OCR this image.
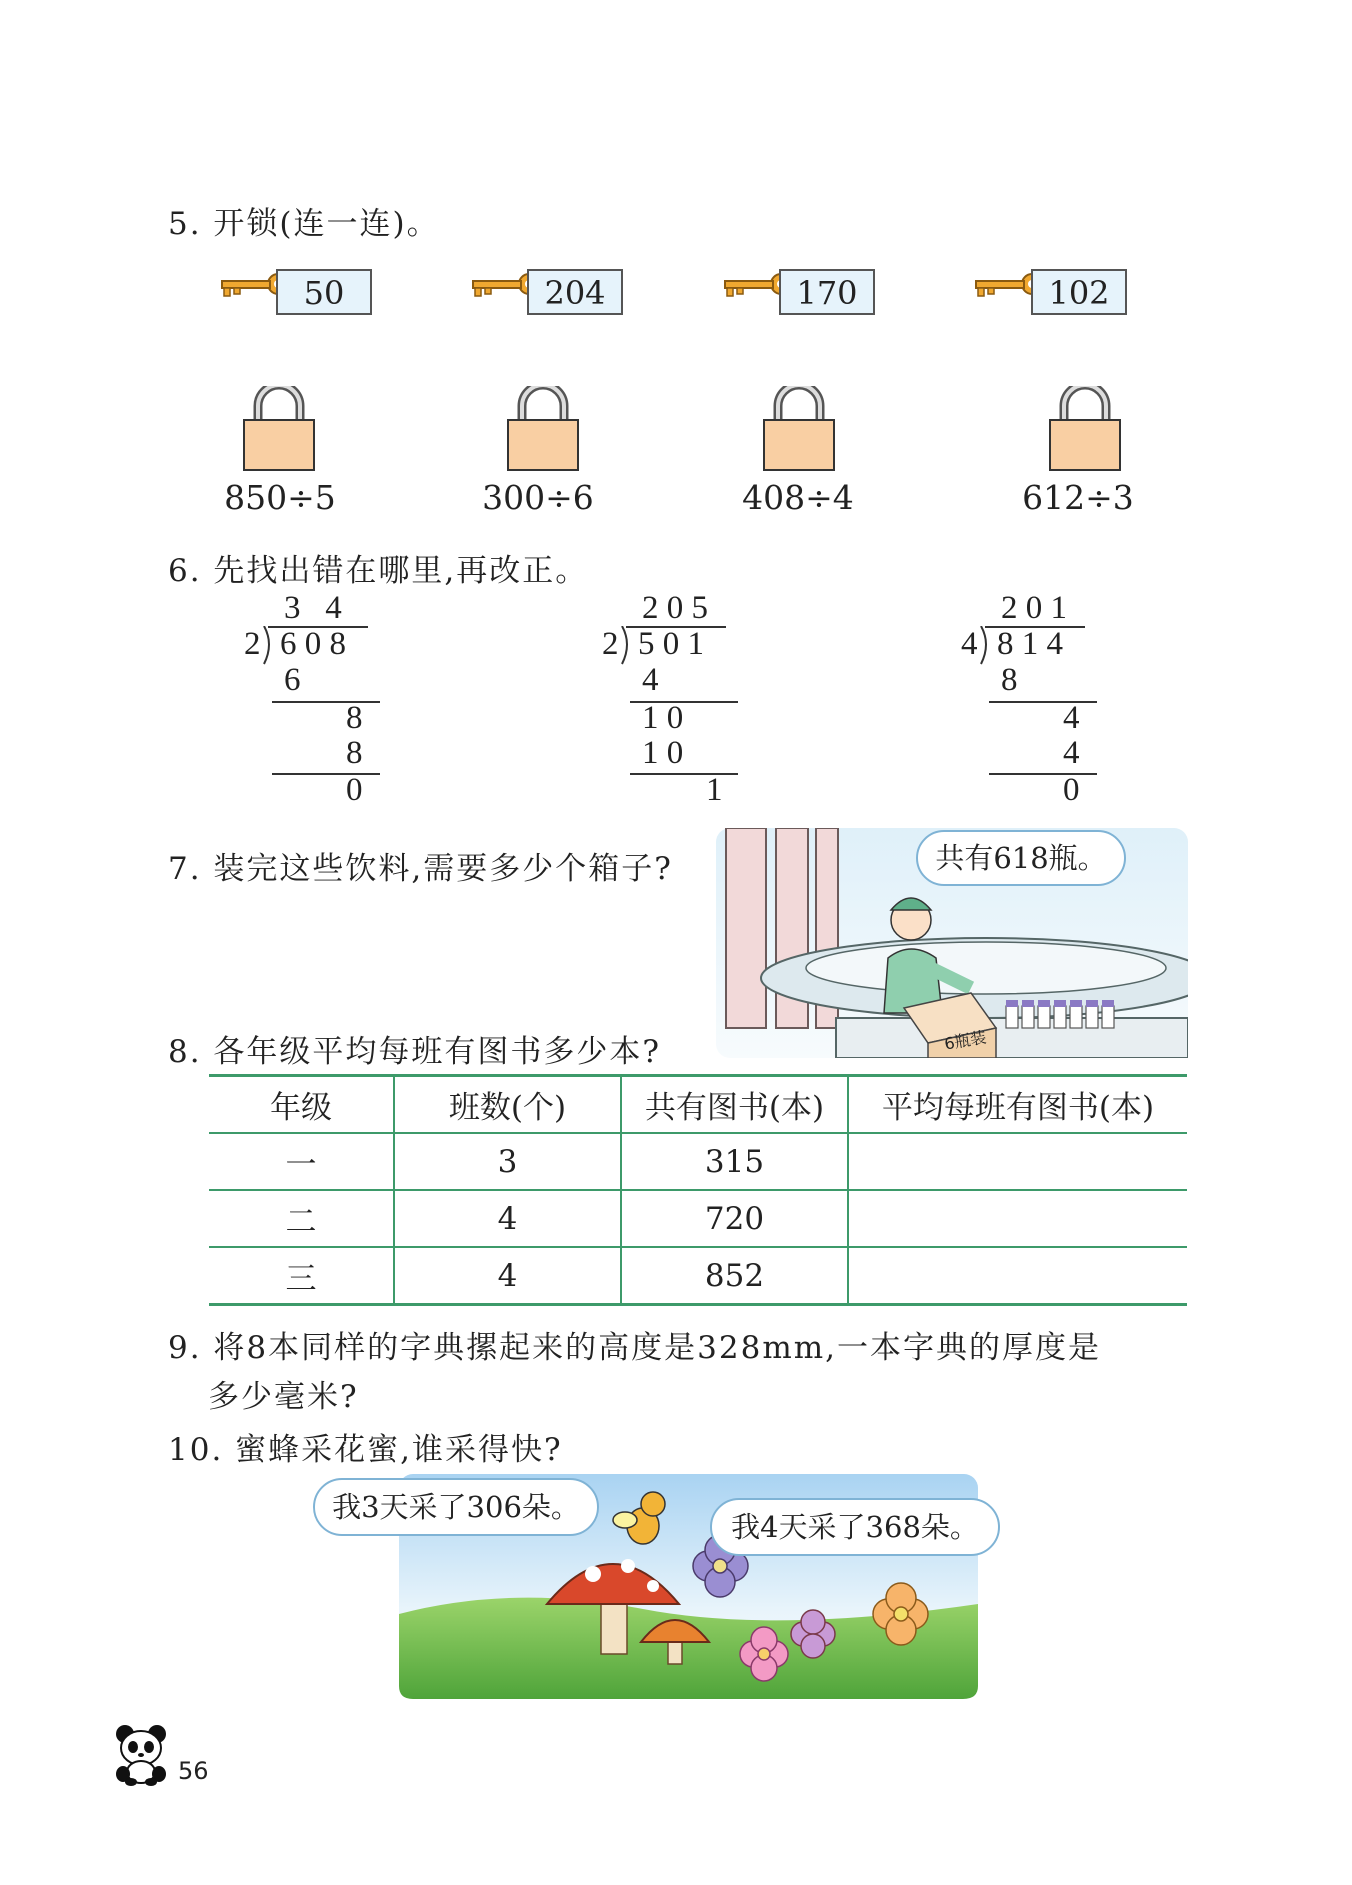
5. 开锁(连一连)。
50	204	170	102
850÷5	300÷6	408÷4	612÷3
6. 先找出错在哪里,再改正。
3   4
2 6 0 8
6
8
8
0
2 0 5
2 5 0 1
4
1 0
1 0
1
2 0 1
4 8 1 4
8
4
4
0
7. 装完这些饮料,需要多少个箱子?
6瓶装
共有618瓶。
8. 各年级平均每班有图书多少本?
年级	班数(个)	共有图书(本)	平均每班有图书(本)
一	3	315	
二	4	720	
三	4	852	
9. 将8本同样的字典摞起来的高度是328mm,一本字典的厚度是
多少毫米?
10. 蜜蜂采花蜜,谁采得快?
我3天采了306朵。
我4天采了368朵。
56
